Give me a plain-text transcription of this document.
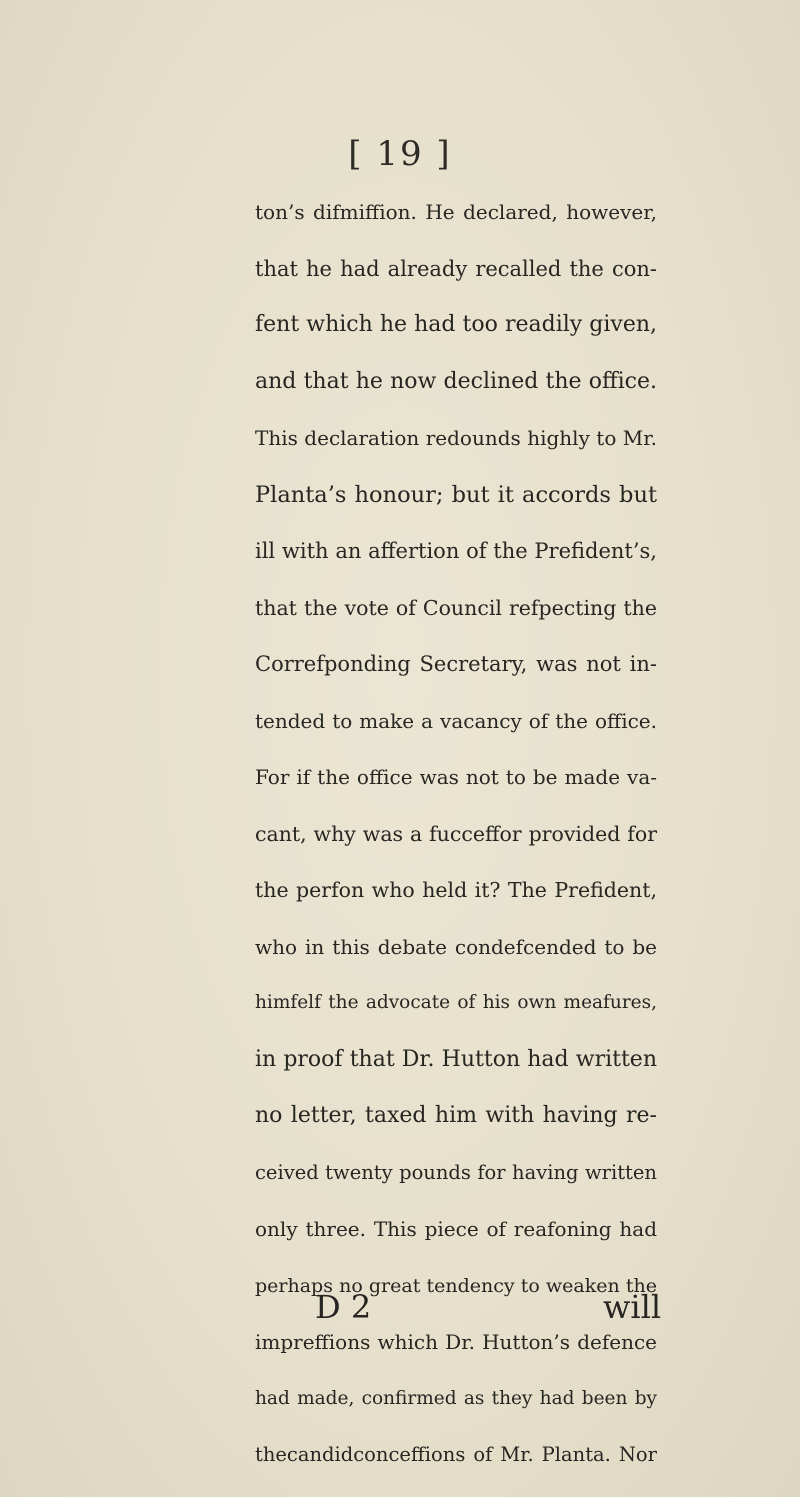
[ 19 ]
ton’s difmiffion. He declared, however,
that he had already recalled the con-
fent which he had too readily given,
and that he now declined the office.
This declaration redounds highly to Mr.
Planta’s honour; but it accords but
ill with an affertion of the Prefident’s,
that the vote of Council refpecting the
Correfponding Secretary, was not in-
tended to make a vacancy of the office.
For if the office was not to be made va-
cant, why was a fucceffor provided for
the perfon who held it? The Prefident,
who in this debate condefcended to be
himfelf the advocate of his own meafures,
in proof that Dr. Hutton had written
no letter, taxed him with having re-
ceived twenty pounds for having written
only three. This piece of reafoning had
perhaps no great tendency to weaken the
impreffions which Dr. Hutton’s defence
had made, confirmed as they had been by
thecandidconceffions of Mr. Planta. Nor
D 2	will
